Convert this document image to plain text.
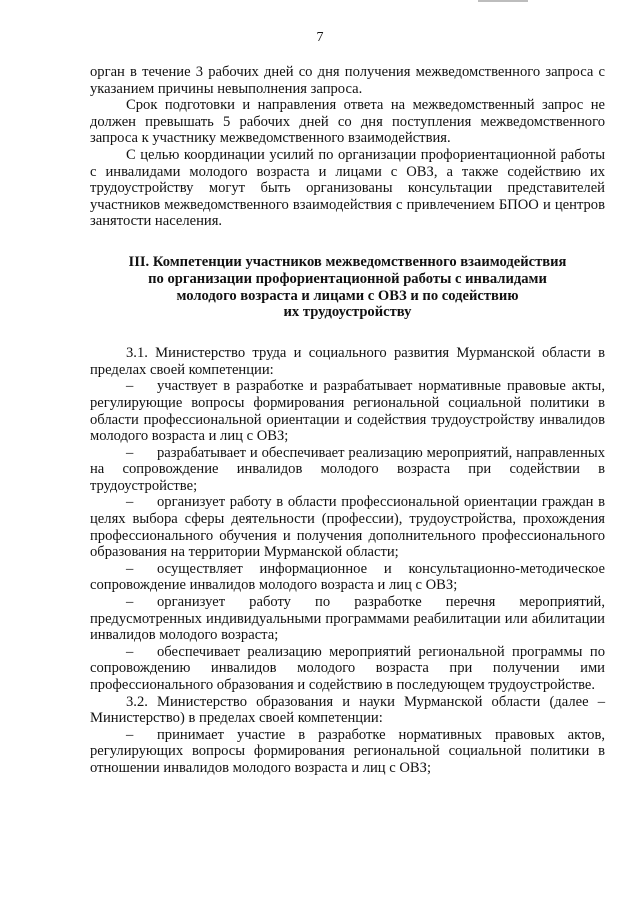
7

орган в течение 3 рабочих дней со дня получения межведомственного запроса с указанием причины невыполнения запроса.

Срок подготовки и направления ответа на межведомственный запрос не должен превышать 5 рабочих дней со дня поступления межведомственного запроса к участнику межведомственного взаимодействия.

С целью координации усилий по организации профориентационной работы с инвалидами молодого возраста и лицами с ОВЗ, а также содействию их трудоустройству могут быть организованы консультации представителей участников межведомственного взаимодействия с привлечением БПОО и центров занятости населения.

III. Компетенции участников межведомственного взаимодействия
по организации профориентационной работы с инвалидами
молодого возраста и лицами с ОВЗ и по содействию
их трудоустройству

3.1. Министерство труда и социального развития Мурманской области в пределах своей компетенции:

– участвует в разработке и разрабатывает нормативные правовые акты, регулирующие вопросы формирования региональной социальной политики в области профессиональной ориентации и содействия трудоустройству инвалидов молодого возраста и лиц с ОВЗ;

– разрабатывает и обеспечивает реализацию мероприятий, направленных на сопровождение инвалидов молодого возраста при содействии в трудоустройстве;

– организует работу в области профессиональной ориентации граждан в целях выбора сферы деятельности (профессии), трудоустройства, прохождения профессионального обучения и получения дополнительного профессионального образования на территории Мурманской области;

– осуществляет информационное и консультационно-методическое сопровождение инвалидов молодого возраста и лиц с ОВЗ;

– организует работу по разработке перечня мероприятий, предусмотренных индивидуальными программами реабилитации или абилитации инвалидов молодого возраста;

– обеспечивает реализацию мероприятий региональной программы по сопровождению инвалидов молодого возраста при получении ими профессионального образования и содействию в последующем трудоустройстве.

3.2. Министерство образования и науки Мурманской области (далее – Министерство) в пределах своей компетенции:

– принимает участие в разработке нормативных правовых актов, регулирующих вопросы формирования региональной социальной политики в отношении инвалидов молодого возраста и лиц с ОВЗ;
